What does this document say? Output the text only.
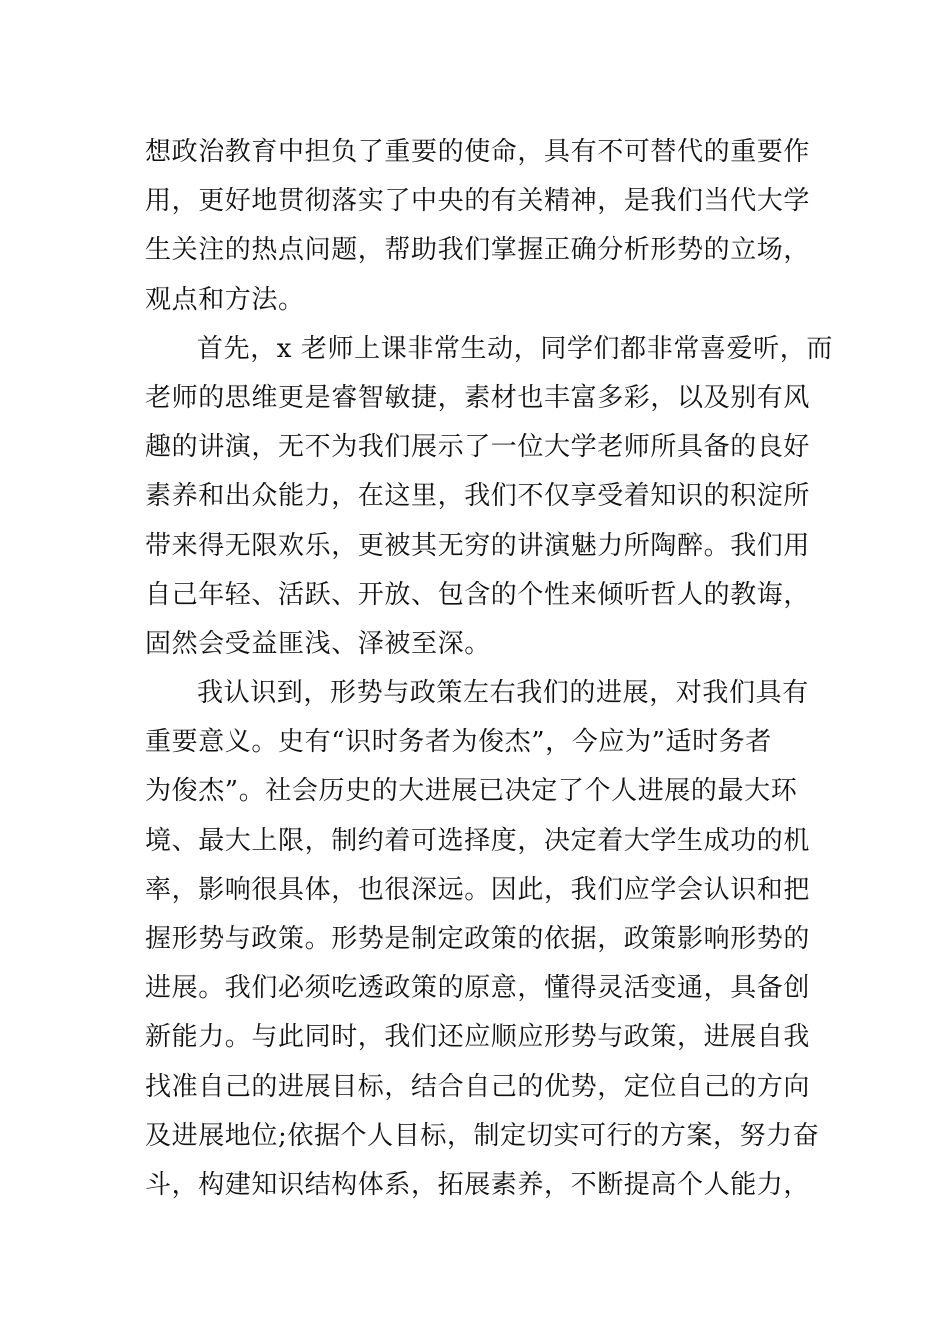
想政治教育中担负了重要的使命，具有不可替代的重要作
用，更好地贯彻落实了中央的有关精神，是我们当代大学
生关注的热点问题，帮助我们掌握正确分析形势的立场，
观点和方法。
首先，x 老师上课非常生动，同学们都非常喜爱听，而
老师的思维更是睿智敏捷，素材也丰富多彩，以及别有风
趣的讲演，无不为我们展示了一位大学老师所具备的良好
素养和出众能力，在这里，我们不仅享受着知识的积淀所
带来得无限欢乐，更被其无穷的讲演魅力所陶醉。我们用
自己年轻、活跃、开放、包含的个性来倾听哲人的教诲，
固然会受益匪浅、泽被至深。
我认识到，形势与政策左右我们的进展，对我们具有
重要意义。史有“识时务者为俊杰”，今应为”适时务者
为俊杰”。社会历史的大进展已决定了个人进展的最大环
境、最大上限，制约着可选择度，决定着大学生成功的机
率，影响很具体，也很深远。因此，我们应学会认识和把
握形势与政策。形势是制定政策的依据，政策影响形势的
进展。我们必须吃透政策的原意，懂得灵活变通，具备创
新能力。与此同时，我们还应顺应形势与政策，进展自我
找准自己的进展目标，结合自己的优势，定位自己的方向
及进展地位;依据个人目标，制定切实可行的方案，努力奋
斗，构建知识结构体系，拓展素养，不断提高个人能力，
